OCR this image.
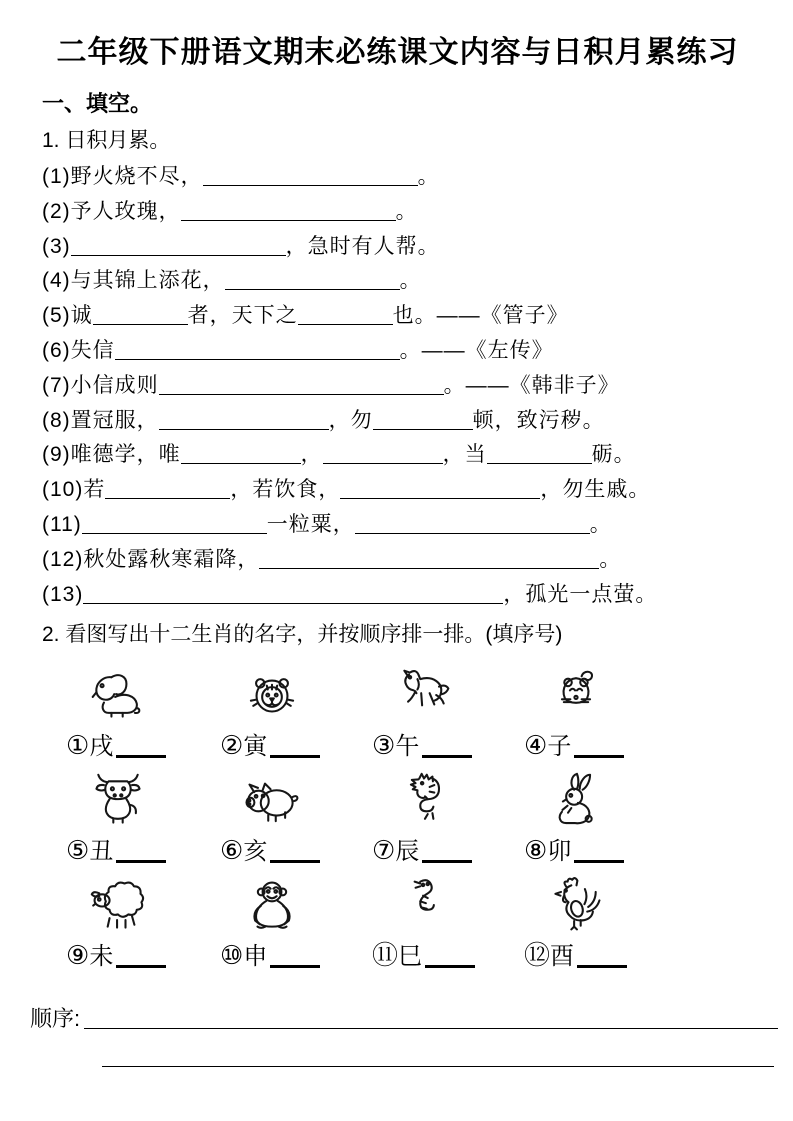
二年级下册语文期末必练课文内容与日积月累练习
一、填空。
1. 日积月累。
(1)野火烧不尽，	。
(2)予人玫瑰，	。
(3)	，急时有人帮。
(4)与其锦上添花，	。
(5)诚	者，天下之	也。——《管子》
(6)失信	。——《左传》
(7)小信成则	。——《韩非子》
(8)置冠服，	，勿	顿，致污秽。
(9)唯德学，唯	，	，当	砺。
(10)若	，若饮食，	，勿生戚。
(11)	一粒粟，	。
(12)秋处露秋寒霜降，	。
(13)	，孤光一点萤。
2. 看图写出十二生肖的名字，并按顺序排一排。(填序号)
①戌	②寅	③午	④子
⑤丑	⑥亥	⑦辰	⑧卯
⑨未	⑩申	⑪巳	⑫酉
顺序:
